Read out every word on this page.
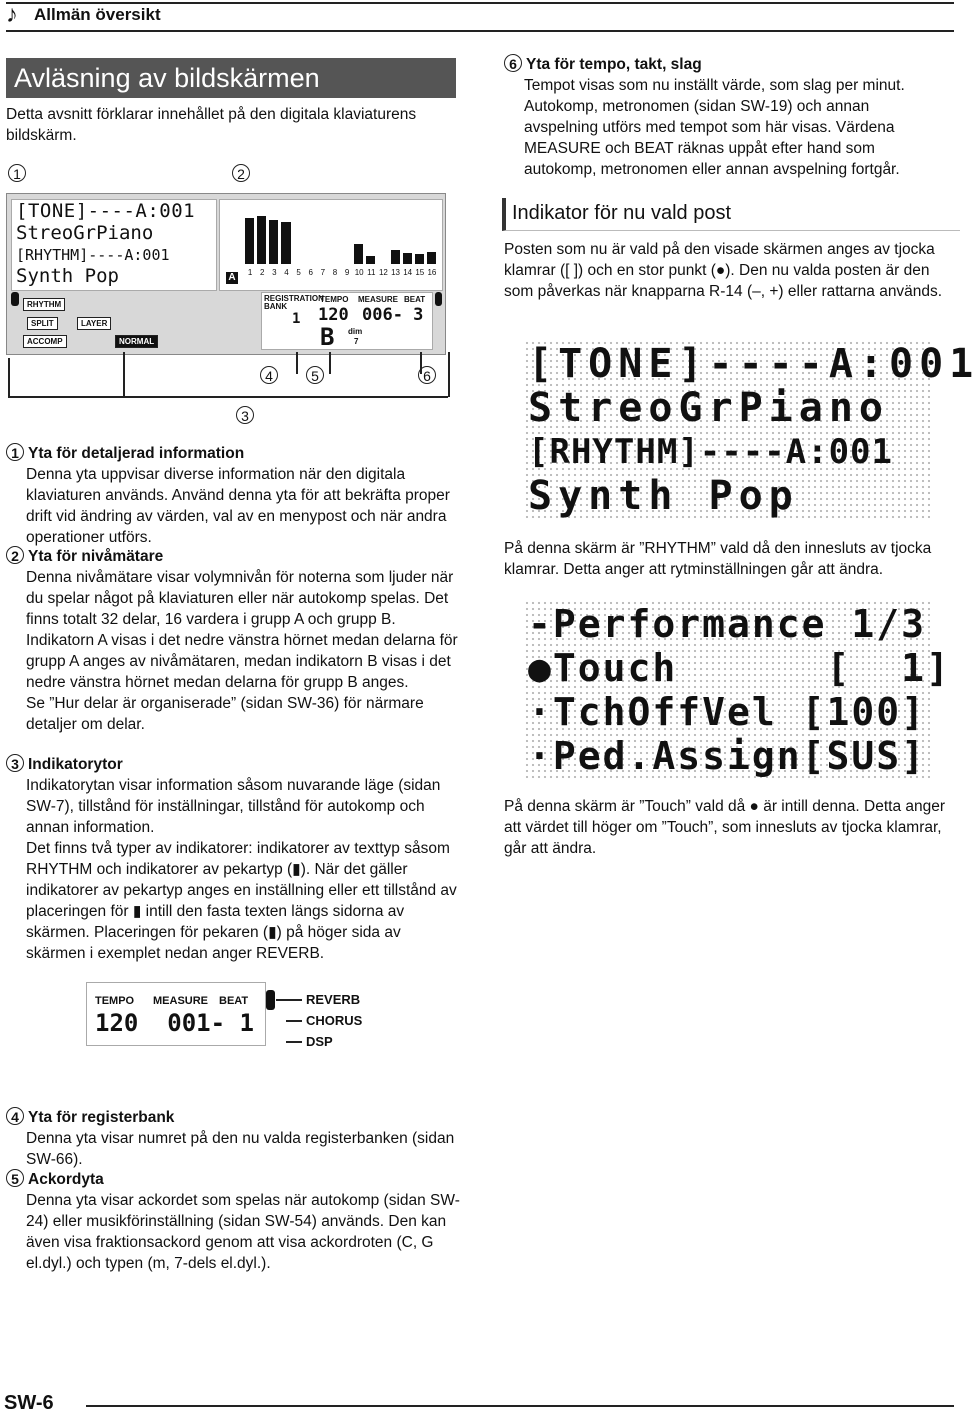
♪ Allmän översikt
Avläsning av bildskärmen
Detta avsnitt förklarar innehållet på den digitala klaviaturens bildskärm.
1	2
[TONE]----A:001
StreoGrPiano
[RHYTHM]----A:001
Synth Pop	A	1 2 3 4 5 6 7 8 9 10 11 12 13 14 15 16
RHYTHM
SPLIT	LAYER
ACCOMP	NORMAL
REGISTRATION BANK
1
TEMPO MEASURE BEAT
120 006- 3
B dim
7
4	5	6
3
1 Yta för detaljerad information
Denna yta uppvisar diverse information när den digitala klaviaturen används. Använd denna yta för att bekräfta proper drift vid ändring av värden, val av en menypost och när andra operationer utförs.
2 Yta för nivåmätare
Denna nivåmätare visar volymnivån för noterna som ljuder när du spelar något på klaviaturen eller när autokomp spelas. Det finns totalt 32 delar, 16 vardera i grupp A och grupp B. Indikatorn A visas i det nedre vänstra hörnet medan delarna för grupp A anges av nivåmätaren, medan indikatorn B visas i det nedre vänstra hörnet medan delarna för grupp B anges.
Se ”Hur delar är organiserade” (sidan SW-36) för närmare detaljer om delar.
3 Indikatorytor
Indikatorytan visar information såsom nuvarande läge (sidan SW-7), tillstånd för inställningar, tillstånd för autokomp och annan information.
Det finns två typer av indikatorer: indikatorer av texttyp såsom RHYTHM och indikatorer av pekartyp (▮). När det gäller indikatorer av pekartyp anges en inställning eller ett tillstånd av placeringen för ▮ intill den fasta texten längs sidorna av skärmen. Placeringen för pekaren (▮) på höger sida av skärmen i exemplet nedan anger REVERB.
TEMPO MEASURE BEAT
120  001- 1
REVERB
CHORUS
DSP
4 Yta för registerbank
Denna yta visar numret på den nu valda registerbanken (sidan SW-66).
5 Ackordyta
Denna yta visar ackordet som spelas när autokomp (sidan SW-24) eller musikförinställning (sidan SW-54) används. Den kan även visa fraktionsackord genom att visa ackordroten (C, G el.dyl.) och typen (m, 7-dels el.dyl.).
6 Yta för tempo, takt, slag
Tempot visas som nu inställt värde, som slag per minut. Autokomp, metronomen (sidan SW-19) och annan avspelning utförs med tempot som här visas. Värdena MEASURE och BEAT räknas uppåt efter hand som autokomp, metronomen eller annan avspelning fortgår.
Indikator för nu vald post
Posten som nu är vald på den visade skärmen anges av tjocka klamrar ([ ]) och en stor punkt (●). Den nu valda posten är den som påverkas när knapparna R-14 (–, +) eller rattarna används.
[TONE]----A:001
StreoGrPiano
[RHYTHM]----A:001
Synth Pop
På denna skärm är ”RHYTHM” vald då den innesluts av tjocka klamrar. Detta anger att rytminställningen går att ändra.
-Performance 1/3
●Touch      [  1]
·TchOffVel [100]
·Ped.Assign[SUS]
På denna skärm är ”Touch” vald då ● är intill denna. Detta anger att värdet till höger om ”Touch”, som innesluts av tjocka klamrar, går att ändra.
SW-6
